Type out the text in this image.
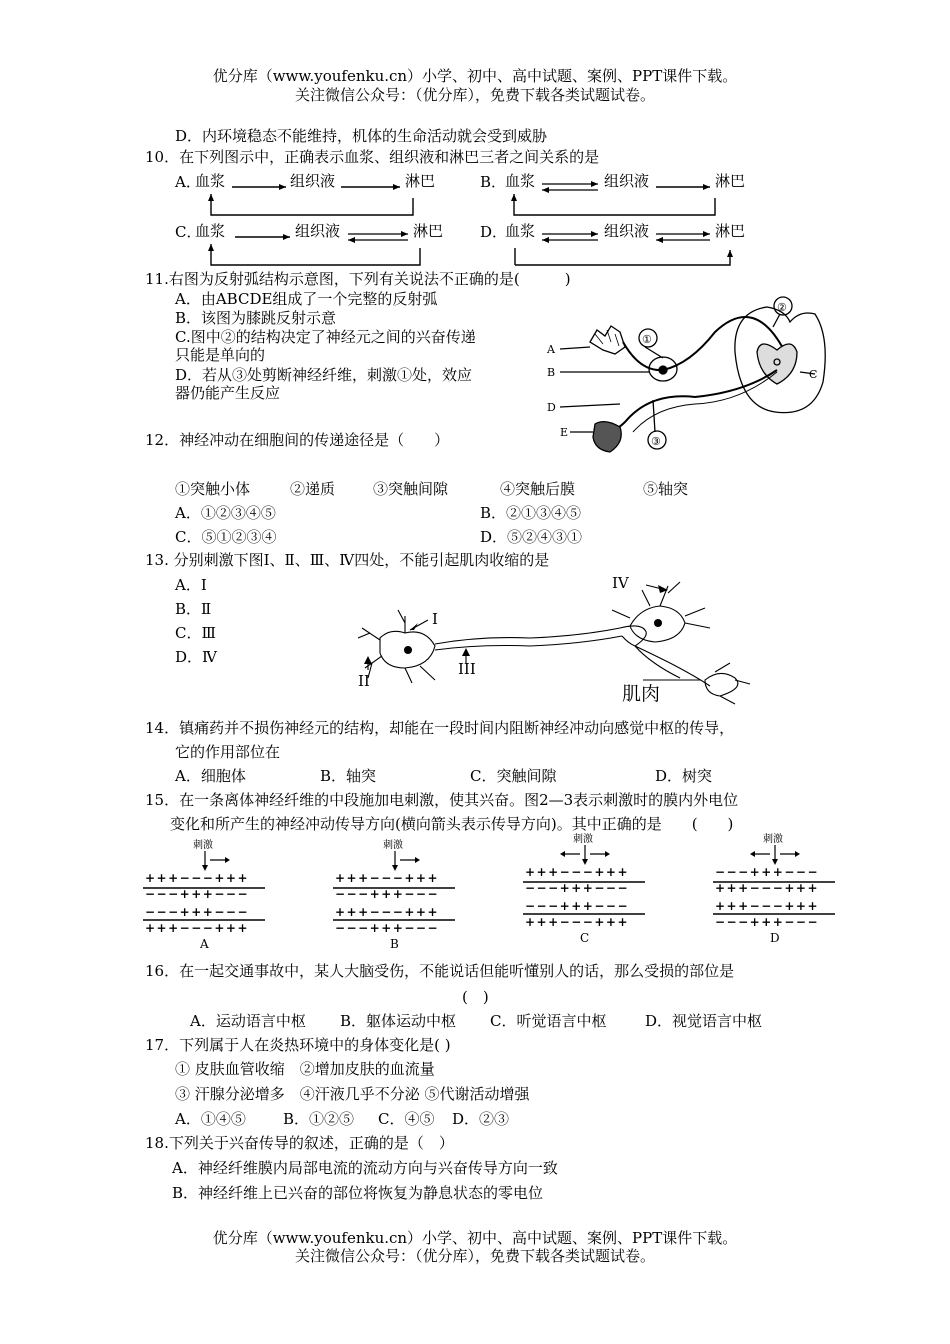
优分库（www.youfenku.cn）小学、初中、高中试题、案例、PPT课件下载。
关注微信公众号：（优分库），免费下载各类试题试卷。
D．内环境稳态不能维持，机体的生命活动就会受到威胁
10．在下列图示中，正确表示血浆、组织液和淋巴三者之间关系的是
A．	B．
C．	D．
血浆	组织液	淋巴	血浆	组织液	淋巴
血浆	组织液	淋巴	血浆	组织液	淋巴
11.右图为反射弧结构示意图，下列有关说法不正确的是(　　　)
A．由ABCDE组成了一个完整的反射弧
B．该图为膝跳反射示意
C.图中②的结构决定了神经元之间的兴奋传递
只能是单向的
D．若从③处剪断神经纤维，刺激①处，效应
器仍能产生反应
A
B
D
E
C
①
②
③
12．神经冲动在细胞间的传递途径是（　　）
①突触小体	②递质	③突触间隙	④突触后膜	⑤轴突
A．①②③④⑤	B．②①③④⑤
C．⑤①②③④	D．⑤②④③①
13. 分别刺激下图Ⅰ、Ⅱ、Ⅲ、Ⅳ四处，不能引起肌肉收缩的是
A．Ⅰ
B．Ⅱ
C．Ⅲ
D．Ⅳ
I
II
III
IV
肌肉
14．镇痛药并不损伤神经元的结构，却能在一段时间内阻断神经冲动向感觉中枢的传导，
它的作用部位在
A．细胞体	B．轴突	C．突触间隙	D．树突
15．在一条离体神经纤维的中段施加电刺激，使其兴奋。图2—3表示刺激时的膜内外电位
变化和所产生的神经冲动传导方向(横向箭头表示传导方向)。其中正确的是　　(　　)
刺激
+++−−−+++
−−−+++−−−
−−−+++−−−
+++−−−+++
A
刺激
+++−−−+++
−−−+++−−−
+++−−−+++
−−−+++−−−
B
刺激
+++−−−+++
−−−+++−−−
−−−+++−−−
+++−−−+++
C
刺激
−−−+++−−−
+++−−−+++
+++−−−+++
−−−+++−−−
D
16．在一起交通事故中，某人大脑受伤，不能说话但能听懂别人的话，那么受损的部位是
(　)
A．运动语言中枢 B．躯体运动中枢 C．听觉语言中枢	D．视觉语言中枢
17．下列属于人在炎热环境中的身体变化是( )
① 皮肤血管收缩　②增加皮肤的血流量
③ 汗腺分泌增多　④汗液几乎不分泌 ⑤代谢活动增强
A．①④⑤ B．①②⑤ C．④⑤ D．②③
18.下列关于兴奋传导的叙述，正确的是（　）
A．神经纤维膜内局部电流的流动方向与兴奋传导方向一致
B．神经纤维上已兴奋的部位将恢复为静息状态的零电位
优分库（www.youfenku.cn）小学、初中、高中试题、案例、PPT课件下载。
关注微信公众号：（优分库），免费下载各类试题试卷。
